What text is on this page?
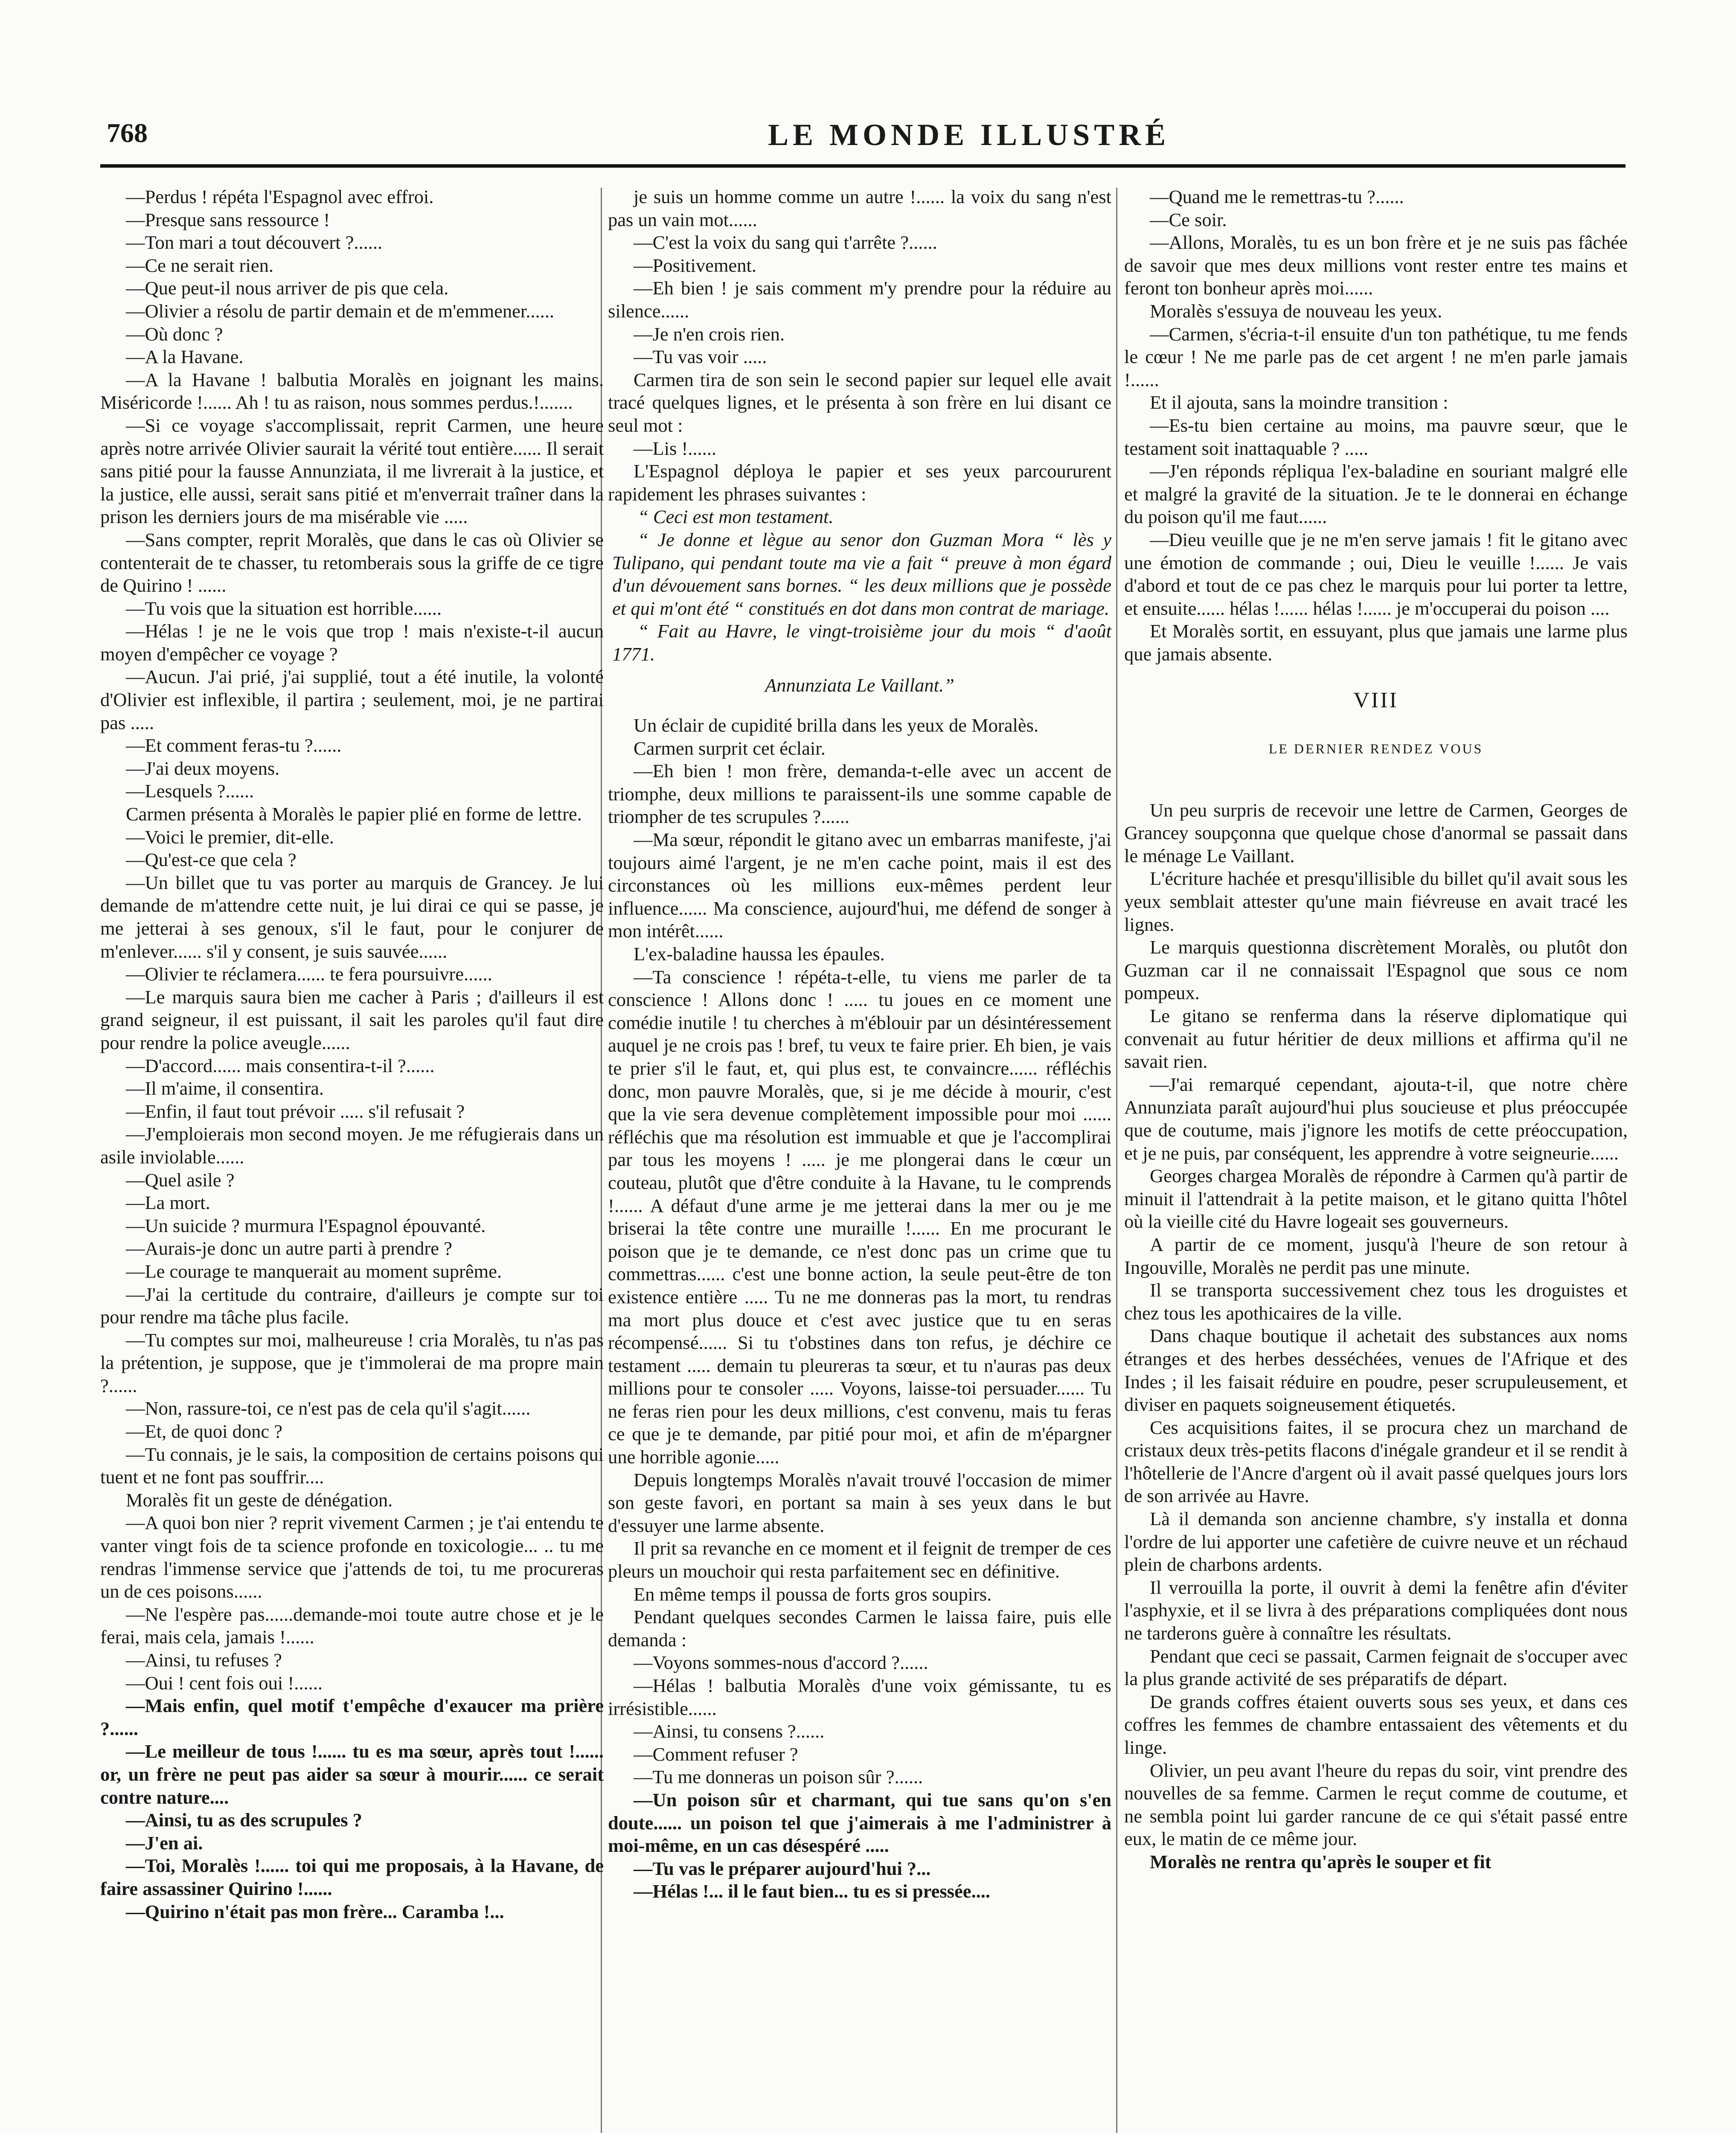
768	LE MONDE ILLUSTRÉ

—Perdus ! répéta l'Espagnol avec effroi.

—Presque sans ressource !

—Ton mari a tout découvert ?......

—Ce ne serait rien.

—Que peut-il nous arriver de pis que cela.

—Olivier a résolu de partir demain et de m'emmener......

—Où donc ?

—A la Havane.

—A la Havane ! balbutia Moralès en joignant les mains. Miséricorde !...... Ah ! tu as raison, nous sommes perdus.!.......

—Si ce voyage s'accomplissait, reprit Carmen, une heure après notre arrivée Olivier saurait la vérité tout entière...... Il serait sans pitié pour la fausse Annunziata, il me livrerait à la justice, et la justice, elle aussi, serait sans pitié et m'enverrait traîner dans la prison les derniers jours de ma misérable vie .....

—Sans compter, reprit Moralès, que dans le cas où Olivier se contenterait de te chasser, tu retomberais sous la griffe de ce tigre de Quirino ! ......

—Tu vois que la situation est horrible......

—Hélas ! je ne le vois que trop ! mais n'existe-t-il aucun moyen d'empêcher ce voyage ?

—Aucun. J'ai prié, j'ai supplié, tout a été inutile, la volonté d'Olivier est inflexible, il partira ; seulement, moi, je ne partirai pas .....

—Et comment feras-tu ?......

—J'ai deux moyens.

—Lesquels ?......

Carmen présenta à Moralès le papier plié en forme de lettre.

—Voici le premier, dit-elle.

—Qu'est-ce que cela ?

—Un billet que tu vas porter au marquis de Grancey. Je lui demande de m'attendre cette nuit, je lui dirai ce qui se passe, je me jetterai à ses genoux, s'il le faut, pour le conjurer de m'enlever...... s'il y consent, je suis sauvée......

—Olivier te réclamera...... te fera poursuivre......

—Le marquis saura bien me cacher à Paris ; d'ailleurs il est grand seigneur, il est puissant, il sait les paroles qu'il faut dire pour rendre la police aveugle......

—D'accord...... mais consentira-t-il ?......

—Il m'aime, il consentira.

—Enfin, il faut tout prévoir ..... s'il refusait ?

—J'emploierais mon second moyen. Je me réfugierais dans un asile inviolable......

—Quel asile ?

—La mort.

—Un suicide ? murmura l'Espagnol épouvanté.

—Aurais-je donc un autre parti à prendre ?

—Le courage te manquerait au moment suprême.

—J'ai la certitude du contraire, d'ailleurs je compte sur toi pour rendre ma tâche plus facile.

—Tu comptes sur moi, malheureuse ! cria Moralès, tu n'as pas la prétention, je suppose, que je t'immolerai de ma propre main ?......

—Non, rassure-toi, ce n'est pas de cela qu'il s'agit......

—Et, de quoi donc ?

—Tu connais, je le sais, la composition de certains poisons qui tuent et ne font pas souffrir....

Moralès fit un geste de dénégation.

—A quoi bon nier ? reprit vivement Carmen ; je t'ai entendu te vanter vingt fois de ta science profonde en toxicologie... .. tu me rendras l'immense service que j'attends de toi, tu me procureras un de ces poisons......

—Ne l'espère pas......demande-moi toute autre chose et je le ferai, mais cela, jamais !......

—Ainsi, tu refuses ?

—Oui ! cent fois oui !......

—Mais enfin, quel motif t'empêche d'exaucer ma prière ?......

—Le meilleur de tous !...... tu es ma sœur, après tout !...... or, un frère ne peut pas aider sa sœur à mourir...... ce serait contre nature....

—Ainsi, tu as des scrupules ?

—J'en ai.

—Toi, Moralès !...... toi qui me proposais, à la Havane, de faire assassiner Quirino !......

—Quirino n'était pas mon frère... Caramba !...

je suis un homme comme un autre !...... la voix du sang n'est pas un vain mot......

—C'est la voix du sang qui t'arrête ?......

—Positivement.

—Eh bien ! je sais comment m'y prendre pour la réduire au silence......

—Je n'en crois rien.

—Tu vas voir .....

Carmen tira de son sein le second papier sur lequel elle avait tracé quelques lignes, et le présenta à son frère en lui disant ce seul mot :

—Lis !......

L'Espagnol déploya le papier et ses yeux parcoururent rapidement les phrases suivantes :

“ Ceci est mon testament.

“ Je donne et lègue au senor don Guzman Mora “ lès y Tulipano, qui pendant toute ma vie a fait “ preuve à mon égard d'un dévouement sans bornes. “ les deux millions que je possède et qui m'ont été “ constitués en dot dans mon contrat de mariage.

“ Fait au Havre, le vingt-troisième jour du mois “ d'août 1771.

Annunziata Le Vaillant.”

Un éclair de cupidité brilla dans les yeux de Moralès.

Carmen surprit cet éclair.

—Eh bien ! mon frère, demanda-t-elle avec un accent de triomphe, deux millions te paraissent-ils une somme capable de triompher de tes scrupules ?......

—Ma sœur, répondit le gitano avec un embarras manifeste, j'ai toujours aimé l'argent, je ne m'en cache point, mais il est des circonstances où les millions eux-mêmes perdent leur influence...... Ma conscience, aujourd'hui, me défend de songer à mon intérêt......

L'ex-baladine haussa les épaules.

—Ta conscience ! répéta-t-elle, tu viens me parler de ta conscience ! Allons donc ! ..... tu joues en ce moment une comédie inutile ! tu cherches à m'éblouir par un désintéressement auquel je ne crois pas ! bref, tu veux te faire prier. Eh bien, je vais te prier s'il le faut, et, qui plus est, te convaincre...... réfléchis donc, mon pauvre Moralès, que, si je me décide à mourir, c'est que la vie sera devenue complètement impossible pour moi ...... réfléchis que ma résolution est immuable et que je l'accomplirai par tous les moyens ! ..... je me plongerai dans le cœur un couteau, plutôt que d'être conduite à la Havane, tu le comprends !...... A défaut d'une arme je me jetterai dans la mer ou je me briserai la tête contre une muraille !...... En me procurant le poison que je te demande, ce n'est donc pas un crime que tu commettras...... c'est une bonne action, la seule peut-être de ton existence entière ..... Tu ne me donneras pas la mort, tu rendras ma mort plus douce et c'est avec justice que tu en seras récompensé...... Si tu t'obstines dans ton refus, je déchire ce testament ..... demain tu pleureras ta sœur, et tu n'auras pas deux millions pour te consoler ..... Voyons, laisse-toi persuader...... Tu ne feras rien pour les deux millions, c'est convenu, mais tu feras ce que je te demande, par pitié pour moi, et afin de m'épargner une horrible agonie.....

Depuis longtemps Moralès n'avait trouvé l'occasion de mimer son geste favori, en portant sa main à ses yeux dans le but d'essuyer une larme absente.

Il prit sa revanche en ce moment et il feignit de tremper de ces pleurs un mouchoir qui resta parfaitement sec en définitive.

En même temps il poussa de forts gros soupirs.

Pendant quelques secondes Carmen le laissa faire, puis elle demanda :

—Voyons sommes-nous d'accord ?......

—Hélas ! balbutia Moralès d'une voix gémissante, tu es irrésistible......

—Ainsi, tu consens ?......

—Comment refuser ?

—Tu me donneras un poison sûr ?......

—Un poison sûr et charmant, qui tue sans qu'on s'en doute...... un poison tel que j'aimerais à me l'administrer à moi-même, en un cas désespéré .....

—Tu vas le préparer aujourd'hui ?...

—Hélas !... il le faut bien... tu es si pressée....

—Quand me le remettras-tu ?......

—Ce soir.

—Allons, Moralès, tu es un bon frère et je ne suis pas fâchée de savoir que mes deux millions vont rester entre tes mains et feront ton bonheur après moi......

Moralès s'essuya de nouveau les yeux.

—Carmen, s'écria-t-il ensuite d'un ton pathétique, tu me fends le cœur ! Ne me parle pas de cet argent ! ne m'en parle jamais !......

Et il ajouta, sans la moindre transition :

—Es-tu bien certaine au moins, ma pauvre sœur, que le testament soit inattaquable ? .....

—J'en réponds répliqua l'ex-baladine en souriant malgré elle et malgré la gravité de la situation. Je te le donnerai en échange du poison qu'il me faut......

—Dieu veuille que je ne m'en serve jamais ! fit le gitano avec une émotion de commande ; oui, Dieu le veuille !...... Je vais d'abord et tout de ce pas chez le marquis pour lui porter ta lettre, et ensuite...... hélas !...... hélas !...... je m'occuperai du poison ....

Et Moralès sortit, en essuyant, plus que jamais une larme plus que jamais absente.

VIII
LE DERNIER RENDEZ VOUS

Un peu surpris de recevoir une lettre de Carmen, Georges de Grancey soupçonna que quelque chose d'anormal se passait dans le ménage Le Vaillant.

L'écriture hachée et presqu'illisible du billet qu'il avait sous les yeux semblait attester qu'une main fiévreuse en avait tracé les lignes.

Le marquis questionna discrètement Moralès, ou plutôt don Guzman car il ne connaissait l'Espagnol que sous ce nom pompeux.

Le gitano se renferma dans la réserve diplomatique qui convenait au futur héritier de deux millions et affirma qu'il ne savait rien.

—J'ai remarqué cependant, ajouta-t-il, que notre chère Annunziata paraît aujourd'hui plus soucieuse et plus préoccupée que de coutume, mais j'ignore les motifs de cette préoccupation, et je ne puis, par conséquent, les apprendre à votre seigneurie......

Georges chargea Moralès de répondre à Carmen qu'à partir de minuit il l'attendrait à la petite maison, et le gitano quitta l'hôtel où la vieille cité du Havre logeait ses gouverneurs.

A partir de ce moment, jusqu'à l'heure de son retour à Ingouville, Moralès ne perdit pas une minute.

Il se transporta successivement chez tous les droguistes et chez tous les apothicaires de la ville.

Dans chaque boutique il achetait des substances aux noms étranges et des herbes desséchées, venues de l'Afrique et des Indes ; il les faisait réduire en poudre, peser scrupuleusement, et diviser en paquets soigneusement étiquetés.

Ces acquisitions faites, il se procura chez un marchand de cristaux deux très-petits flacons d'inégale grandeur et il se rendit à l'hôtellerie de l'Ancre d'argent où il avait passé quelques jours lors de son arrivée au Havre.

Là il demanda son ancienne chambre, s'y installa et donna l'ordre de lui apporter une cafetière de cuivre neuve et un réchaud plein de charbons ardents.

Il verrouilla la porte, il ouvrit à demi la fenêtre afin d'éviter l'asphyxie, et il se livra à des préparations compliquées dont nous ne tarderons guère à connaître les résultats.

Pendant que ceci se passait, Carmen feignait de s'occuper avec la plus grande activité de ses préparatifs de départ.

De grands coffres étaient ouverts sous ses yeux, et dans ces coffres les femmes de chambre entassaient des vêtements et du linge.

Olivier, un peu avant l'heure du repas du soir, vint prendre des nouvelles de sa femme. Carmen le reçut comme de coutume, et ne sembla point lui garder rancune de ce qui s'était passé entre eux, le matin de ce même jour.

Moralès ne rentra qu'après le souper et fit
